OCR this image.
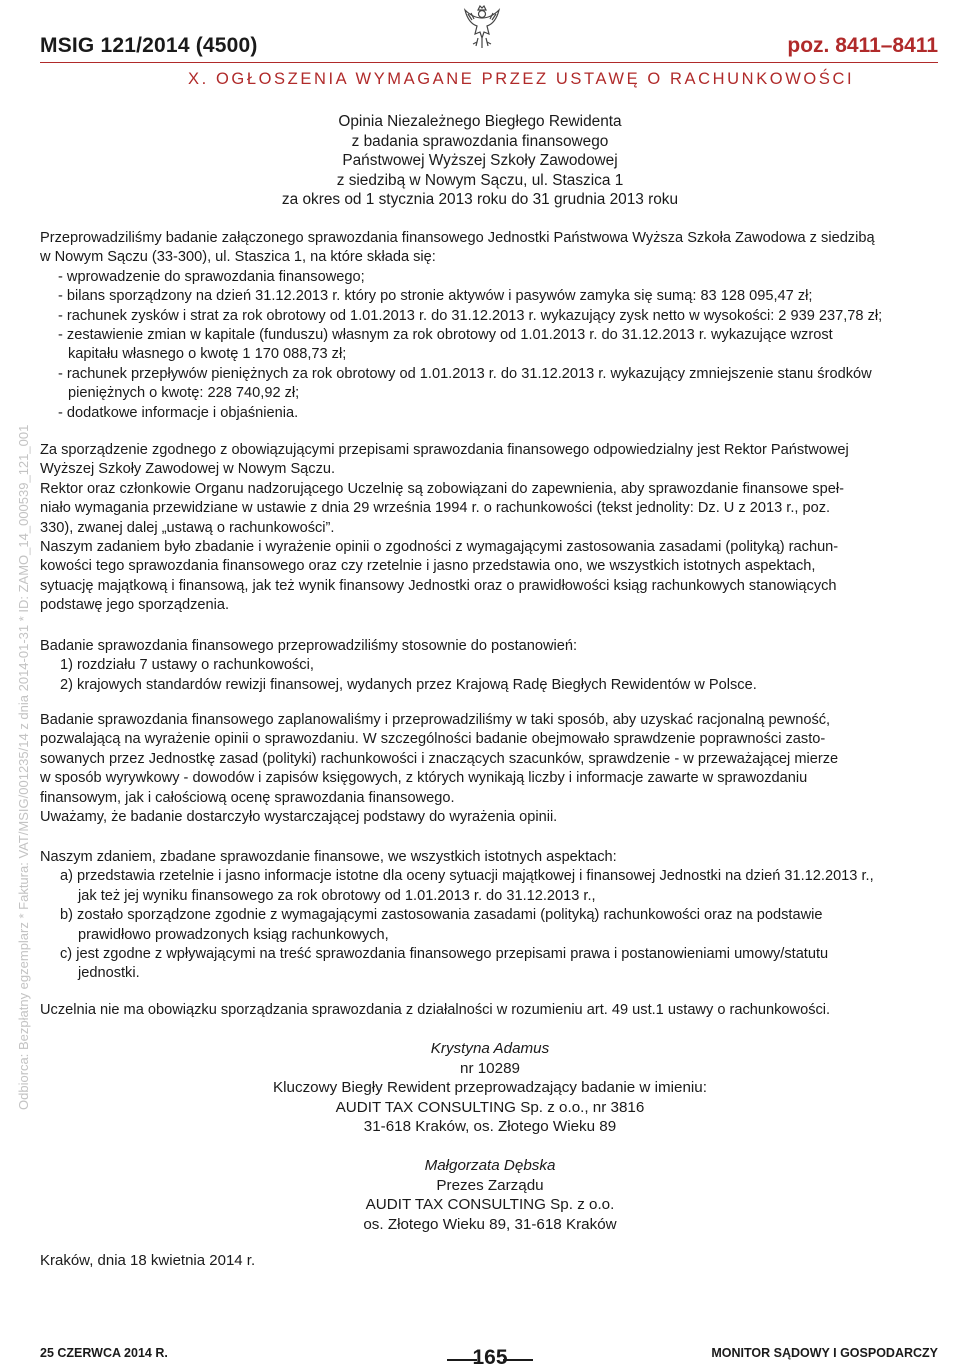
MSIG 121/2014 (4500)	poz. 8411–8411
X. OGŁOSZENIA WYMAGANE PRZEZ USTAWĘ O RACHUNKOWOŚCI
Odbiorca: Bezpłatny egzemplarz * Faktura: VAT/MSIG/001235/14 z dnia 2014-01-31 * ID: ZAMO_14_000539_121_001
Opinia Niezależnego Biegłego Rewidenta
z badania sprawozdania finansowego
Państwowej Wyższej Szkoły Zawodowej
z siedzibą w Nowym Sączu, ul. Staszica 1
za okres od 1 stycznia 2013 roku do 31 grudnia 2013 roku

Przeprowadziliśmy badanie załączonego sprawozdania finansowego Jednostki Państwowa Wyższa Szkoła Zawodowa z siedzibą

w Nowym Sączu (33-300), ul. Staszica 1, na które składa się:

- wprowadzenie do sprawozdania finansowego;

- bilans sporządzony na dzień 31.12.2013 r. który po stronie aktywów i pasywów zamyka się sumą: 83 128 095,47 zł;

- rachunek zysków i strat za rok obrotowy od 1.01.2013 r. do 31.12.2013 r. wykazujący zysk netto w wysokości: 2 939 237,78 zł;

- zestawienie zmian w kapitale (funduszu) własnym za rok obrotowy od 1.01.2013 r. do 31.12.2013 r. wykazujące wzrost

kapitału własnego o kwotę 1 170 088,73 zł;

- rachunek przepływów pieniężnych za rok obrotowy od 1.01.2013 r. do 31.12.2013 r. wykazujący zmniejszenie stanu środków

pieniężnych o kwotę: 228 740,92 zł;

- dodatkowe informacje i objaśnienia.

Za sporządzenie zgodnego z obowiązującymi przepisami sprawozdania finansowego odpowiedzialny jest Rektor Państwowej

Wyższej Szkoły Zawodowej w Nowym Sączu.

Rektor oraz członkowie Organu nadzorującego Uczelnię są zobowiązani do zapewnienia, aby sprawozdanie finansowe speł-

niało wymagania przewidziane w ustawie z dnia 29 września 1994 r. o rachunkowości (tekst jednolity: Dz. U z 2013 r., poz.

330), zwanej dalej „ustawą o rachunkowości”.

Naszym zadaniem było zbadanie i wyrażenie opinii o zgodności z wymagającymi zastosowania zasadami (polityką) rachun-

kowości tego sprawozdania finansowego oraz czy rzetelnie i jasno przedstawia ono, we wszystkich istotnych aspektach,

sytuację majątkową i finansową, jak też wynik finansowy Jednostki oraz o prawidłowości ksiąg rachunkowych stanowiących

podstawę jego sporządzenia.

Badanie sprawozdania finansowego przeprowadziliśmy stosownie do postanowień:

1) rozdziału 7 ustawy o rachunkowości,

2) krajowych standardów rewizji finansowej, wydanych przez Krajową Radę Biegłych Rewidentów w Polsce.

Badanie sprawozdania finansowego zaplanowaliśmy i przeprowadziliśmy w taki sposób, aby uzyskać racjonalną pewność,

pozwalającą na wyrażenie opinii o sprawozdaniu. W szczególności badanie obejmowało sprawdzenie poprawności zasto-

sowanych przez Jednostkę zasad (polityki) rachunkowości i znaczących szacunków, sprawdzenie - w przeważającej mierze

w sposób wyrywkowy - dowodów i zapisów księgowych, z których wynikają liczby i informacje zawarte w sprawozdaniu

finansowym, jak i całościową ocenę sprawozdania finansowego.

Uważamy, że badanie dostarczyło wystarczającej podstawy do wyrażenia opinii.

Naszym zdaniem, zbadane sprawozdanie finansowe, we wszystkich istotnych aspektach:

a) przedstawia rzetelnie i jasno informacje istotne dla oceny sytuacji majątkowej i finansowej Jednostki na dzień 31.12.2013 r.,

jak też jej wyniku finansowego za rok obrotowy od 1.01.2013 r. do 31.12.2013 r.,

b) zostało sporządzone zgodnie z wymagającymi zastosowania zasadami (polityką) rachunkowości oraz na podstawie

prawidłowo prowadzonych ksiąg rachunkowych,

c) jest zgodne z wpływającymi na treść sprawozdania finansowego przepisami prawa i postanowieniami umowy/statutu

jednostki.

Uczelnia nie ma obowiązku sporządzania sprawozdania z działalności w rozumieniu art. 49 ust.1 ustawy o rachunkowości.

Krystyna Adamus
nr 10289
Kluczowy Biegły Rewident przeprowadzający badanie w imieniu:
AUDIT TAX CONSULTING Sp. z o.o., nr 3816
31-618 Kraków, os. Złotego Wieku 89
Małgorzata Dębska
Prezes Zarządu
AUDIT TAX CONSULTING Sp. z o.o.
os. Złotego Wieku 89, 31-618 Kraków
Kraków, dnia 18 kwietnia 2014 r.
25 CZERWCA 2014 R.	165	MONITOR SĄDOWY I GOSPODARCZY
